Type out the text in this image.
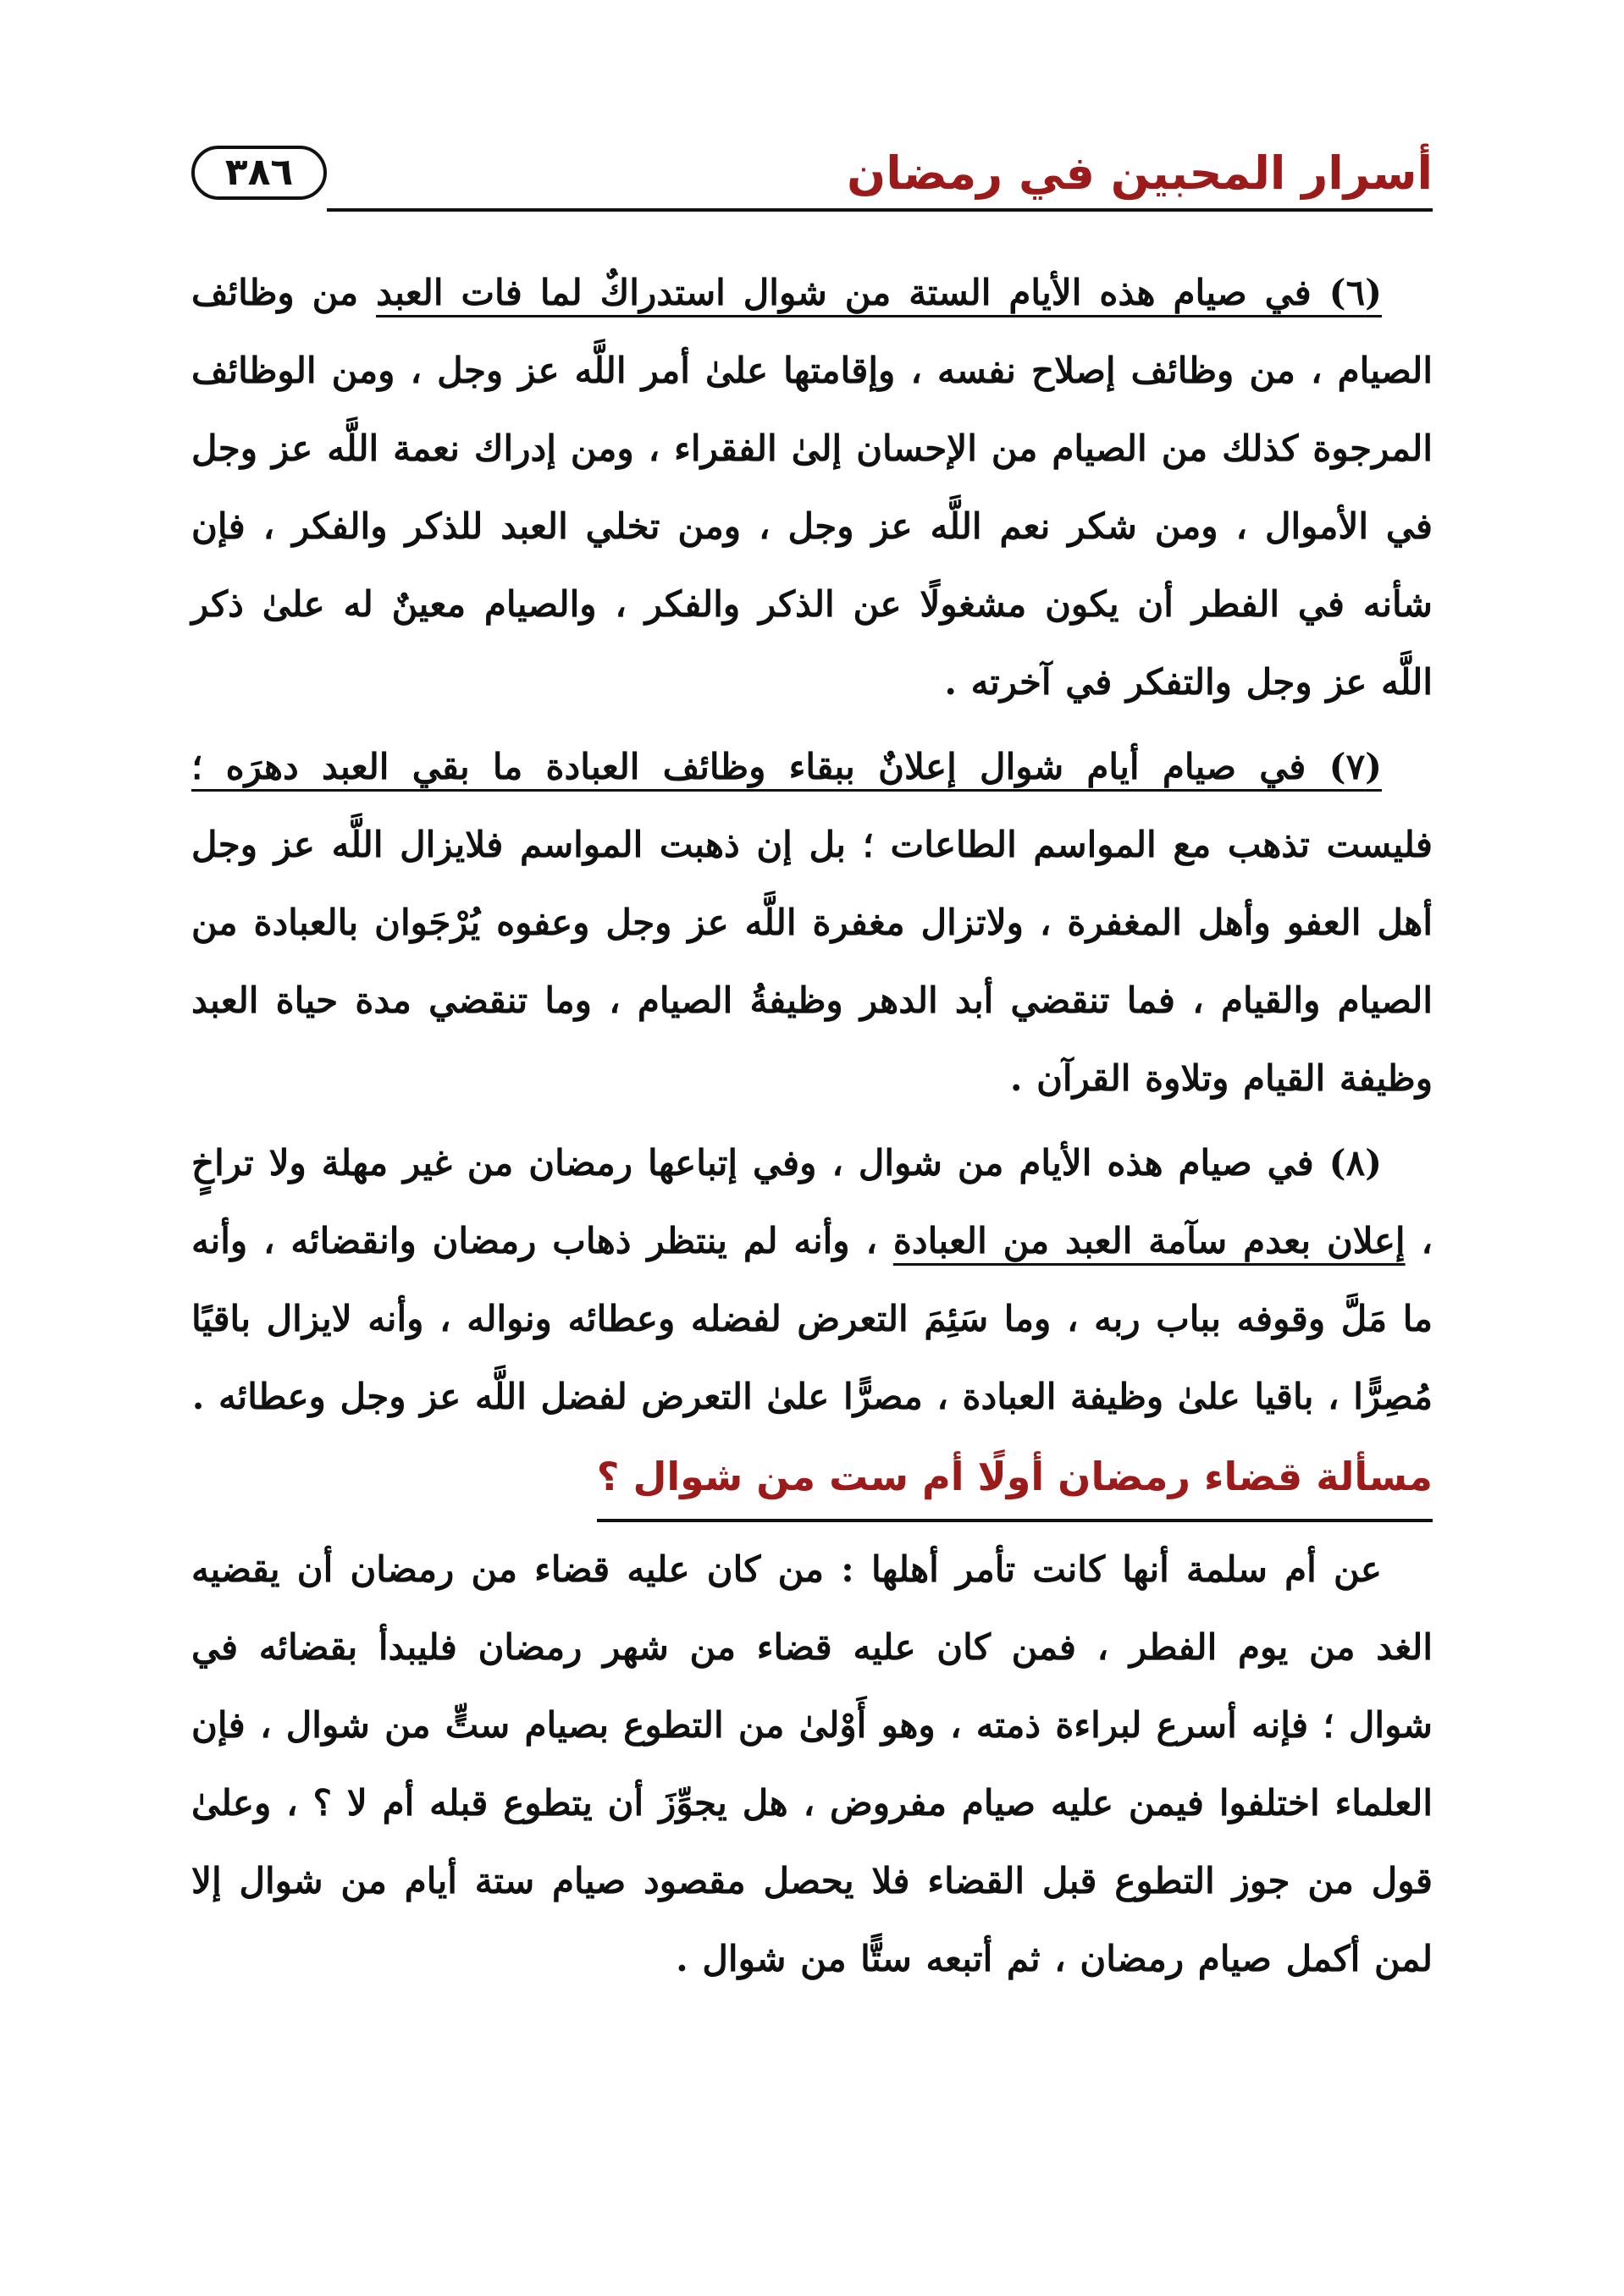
أسرار المحبين في رمضان
٣٨٦

(٦) في صيام هذه الأيام الستة من شوال استدراكٌ لما فات العبد من وظائف الصيام ، من وظائف إصلاح نفسه ، وإقامتها علىٰ أمر اللَّه عز وجل ، ومن الوظائف المرجوة كذلك من الصيام من الإحسان إلىٰ الفقراء ، ومن إدراك نعمة اللَّه عز وجل في الأموال ، ومن شكر نعم اللَّه عز وجل ، ومن تخلي العبد للذكر والفكر ، فإن شأنه في الفطر أن يكون مشغولًا عن الذكر والفكر ، والصيام معينٌ له علىٰ ذكر اللَّه عز وجل والتفكر في آخرته .

(٧) في صيام أيام شوال إعلانٌ ببقاء وظائف العبادة ما بقي العبد دهرَه ؛ فليست تذهب مع المواسم الطاعات ؛ بل إن ذهبت المواسم فلايزال اللَّه عز وجل أهل العفو وأهل المغفرة ، ولاتزال مغفرة اللَّه عز وجل وعفوه يُرْجَوان بالعبادة من الصيام والقيام ، فما تنقضي أبد الدهر وظيفةُ الصيام ، وما تنقضي مدة حياة العبد وظيفة القيام وتلاوة القرآن .

(٨) في صيام هذه الأيام من شوال ، وفي إتباعها رمضان من غير مهلة ولا تراخٍ ، إعلان بعدم سآمة العبد من العبادة ، وأنه لم ينتظر ذهاب رمضان وانقضائه ، وأنه ما مَلَّ وقوفه بباب ربه ، وما سَئِمَ التعرض لفضله وعطائه ونواله ، وأنه لايزال باقيًا مُصِرًّا ، باقيا علىٰ وظيفة العبادة ، مصرًّا علىٰ التعرض لفضل اللَّه عز وجل وعطائه .

مسألة قضاء رمضان أولًا أم ست من شوال ؟

عن أم سلمة أنها كانت تأمر أهلها : من كان عليه قضاء من رمضان أن يقضيه الغد من يوم الفطر ، فمن كان عليه قضاء من شهر رمضان فليبدأ بقضائه في شوال ؛ فإنه أسرع لبراءة ذمته ، وهو أَوْلىٰ من التطوع بصيام ستٍّ من شوال ، فإن العلماء اختلفوا فيمن عليه صيام مفروض ، هل يجوِّزَ أن يتطوع قبله أم لا ؟ ، وعلىٰ قول من جوز التطوع قبل القضاء فلا يحصل مقصود صيام ستة أيام من شوال إلا لمن أكمل صيام رمضان ، ثم أتبعه ستًّا من شوال .
